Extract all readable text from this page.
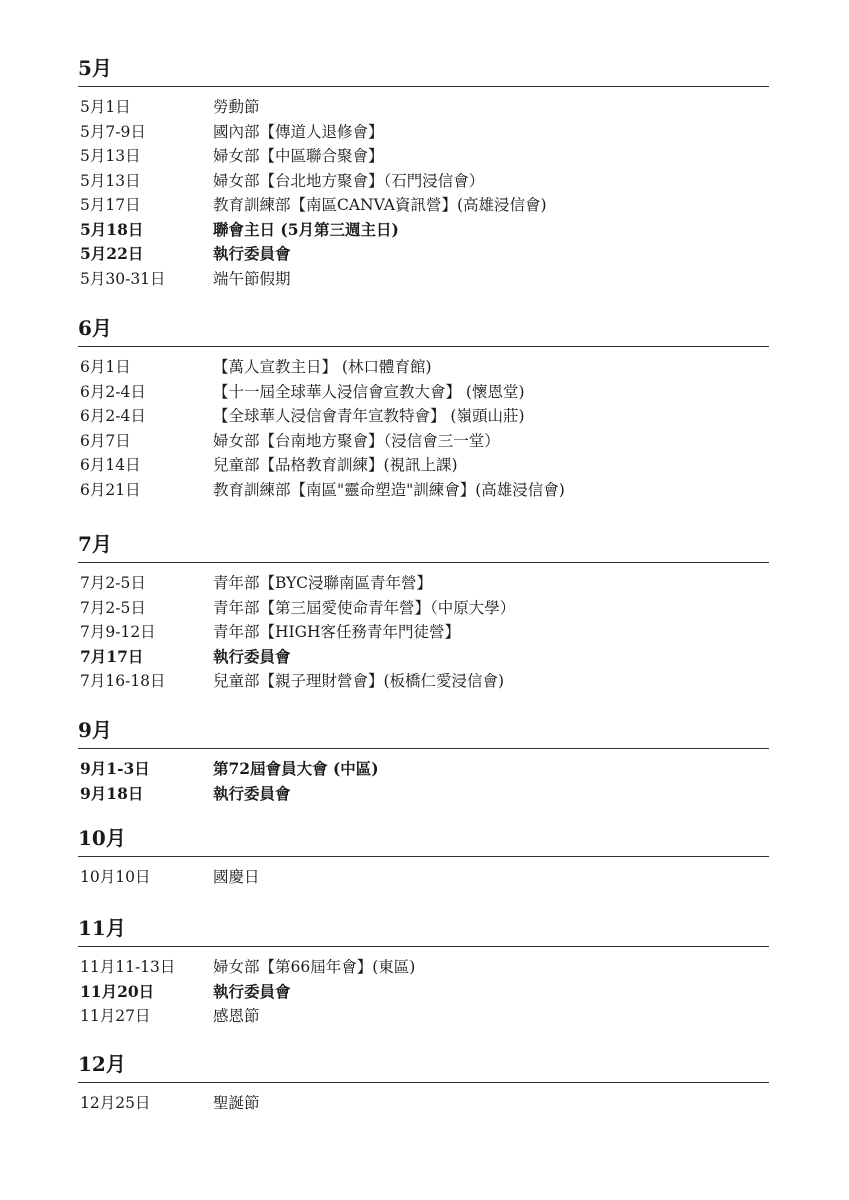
5月
5月1日	勞動節
5月7-9日	國內部【傳道人退修會】
5月13日	婦女部【中區聯合聚會】
5月13日	婦女部【台北地方聚會】（石門浸信會）
5月17日	教育訓練部【南區CANVA資訊營】(高雄浸信會)
5月18日	聯會主日 (5月第三週主日)
5月22日	執行委員會
5月30-31日	端午節假期
6月
6月1日	【萬人宣教主日】 (林口體育館)
6月2-4日	【十一屆全球華人浸信會宣教大會】 (懷恩堂)
6月2-4日	【全球華人浸信會青年宣教特會】 (嶺頭山莊)
6月7日	婦女部【台南地方聚會】（浸信會三一堂）
6月14日	兒童部【品格教育訓練】(視訊上課)
6月21日	教育訓練部【南區"靈命塑造"訓練會】(高雄浸信會)
7月
7月2-5日	青年部【BYC浸聯南區青年營】
7月2-5日	青年部【第三屆愛使命青年營】（中原大學）
7月9-12日	青年部【HIGH客任務青年門徒營】
7月17日	執行委員會
7月16-18日	兒童部【親子理財營會】(板橋仁愛浸信會)
9月
9月1-3日	第72屆會員大會 (中區)
9月18日	執行委員會
10月
10月10日	國慶日
11月
11月11-13日	婦女部【第66屆年會】(東區)
11月20日	執行委員會
11月27日	感恩節
12月
12月25日	聖誕節
